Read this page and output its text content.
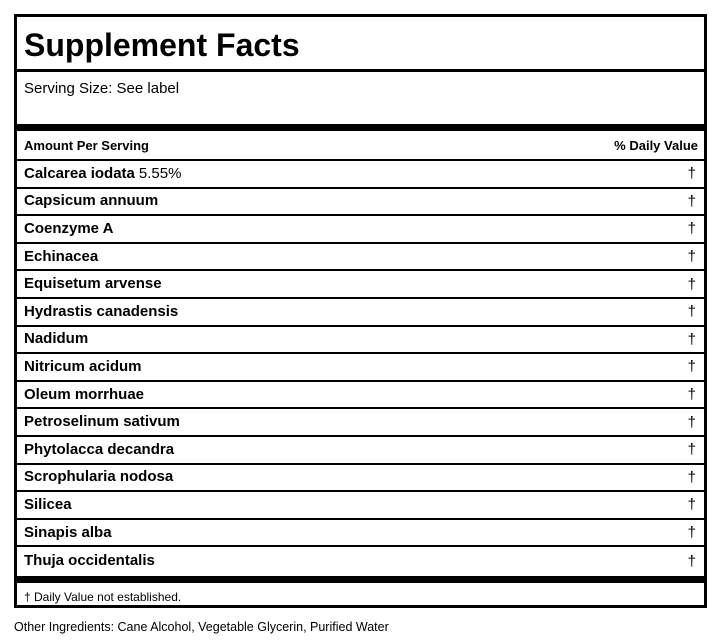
Supplement Facts
Serving Size: See label
Amount Per Serving	% Daily Value
Calcarea iodata 5.55%	†
Capsicum annuum	†
Coenzyme A	†
Echinacea	†
Equisetum arvense	†
Hydrastis canadensis	†
Nadidum	†
Nitricum acidum	†
Oleum morrhuae	†
Petroselinum sativum	†
Phytolacca decandra	†
Scrophularia nodosa	†
Silicea	†
Sinapis alba	†
Thuja occidentalis	†
† Daily Value not established.
Other Ingredients: Cane Alcohol, Vegetable Glycerin, Purified Water
